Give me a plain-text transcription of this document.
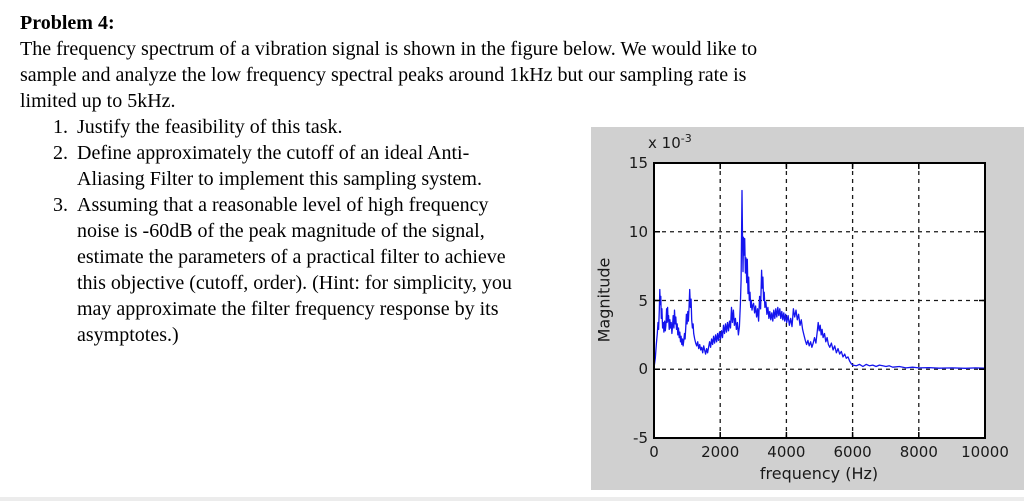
Problem 4:
The frequency spectrum of a vibration signal is shown in the figure below. We would like to
sample and analyze the low frequency spectral peaks around 1kHz but our sampling rate is
limited up to 5kHz.
1. Justify the feasibility of this task.
2. Define approximately the cutoff of an ideal Anti-
Aliasing Filter to implement this sampling system.
3. Assuming that a reasonable level of high frequency
noise is -60dB of the peak magnitude of the signal,
estimate the parameters of a practical filter to achieve
this objective (cutoff, order). (Hint: for simplicity, you
may approximate the filter frequency response by its
asymptotes.)
x $10^{-3}$
Magnitude
frequency (Hz)
-5
0
5
10
15
0	2000 4000 6000 8000 10000
